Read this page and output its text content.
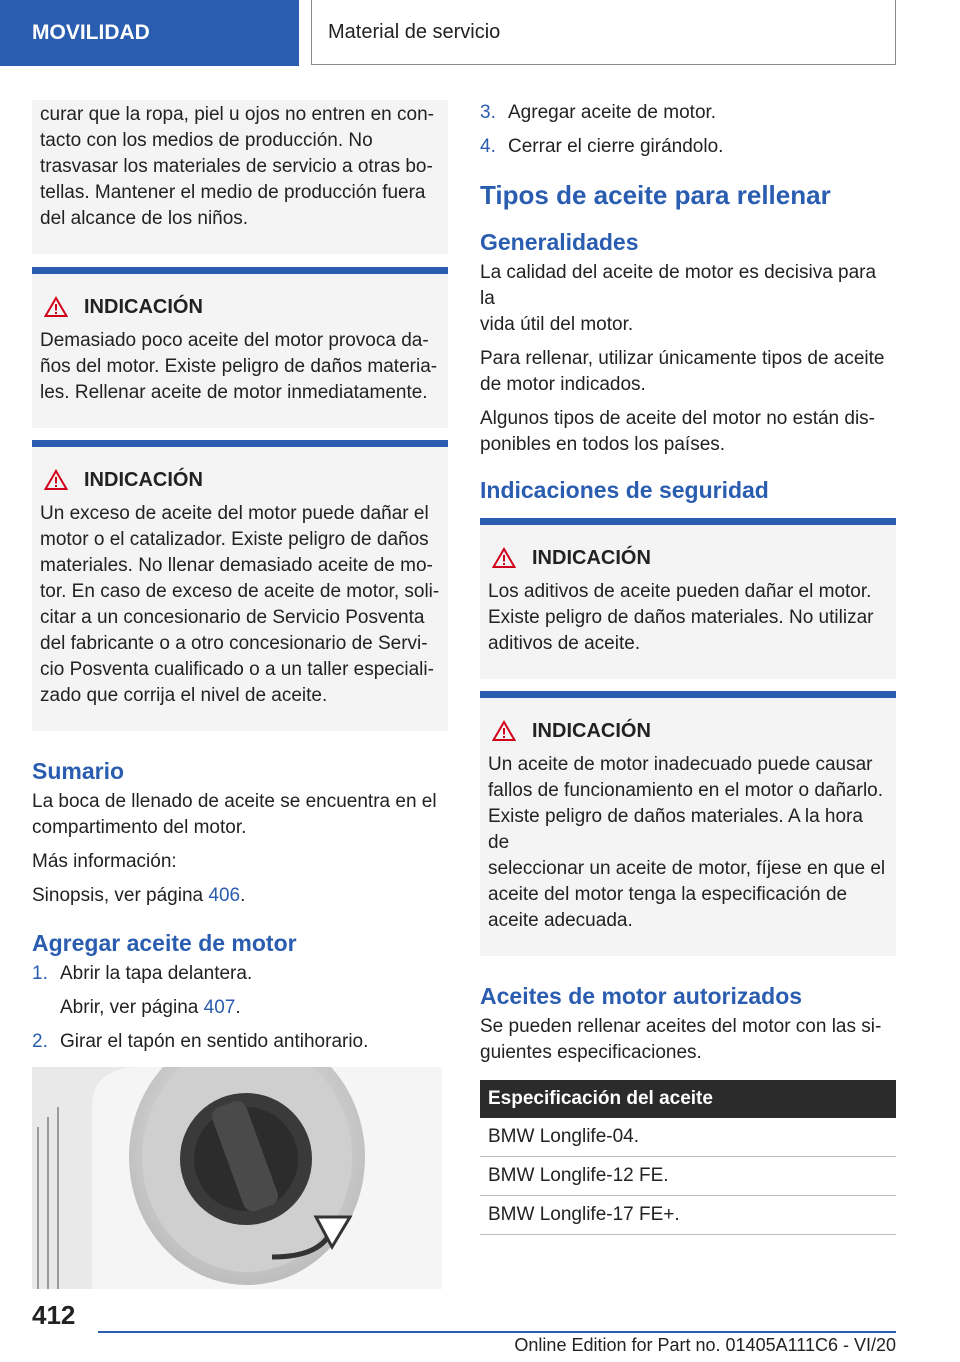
MOVILIDAD	Material de servicio

curar que la ropa, piel u ojos no entren en con-

tacto con los medios de producción. No

trasvasar los materiales de servicio a otras bo-

tellas. Mantener el medio de producción fuera

del alcance de los niños.

INDICACIÓN

Demasiado poco aceite del motor provoca da-

ños del motor. Existe peligro de daños materia-

les. Rellenar aceite de motor inmediatamente.

INDICACIÓN

Un exceso de aceite del motor puede dañar el

motor o el catalizador. Existe peligro de daños

materiales. No llenar demasiado aceite de mo-

tor. En caso de exceso de aceite de motor, soli-

citar a un concesionario de Servicio Posventa

del fabricante o a otro concesionario de Servi-

cio Posventa cualificado o a un taller especiali-

zado que corrija el nivel de aceite.

Sumario

La boca de llenado de aceite se encuentra en el
compartimento del motor.

Más información:

Sinopsis, ver página 406.

Agregar aceite de motor
1. Abrir la tapa delantera.
Abrir, ver página 407.
2. Girar el tapón en sentido antihorario.
3. Agregar aceite de motor.
4. Cerrar el cierre girándolo.
Tipos de aceite para rellenar
Generalidades

La calidad del aceite de motor es decisiva para la
vida útil del motor.

Para rellenar, utilizar únicamente tipos de aceite
de motor indicados.

Algunos tipos de aceite del motor no están dis-
ponibles en todos los países.

Indicaciones de seguridad
INDICACIÓN

Los aditivos de aceite pueden dañar el motor.

Existe peligro de daños materiales. No utilizar

aditivos de aceite.

INDICACIÓN

Un aceite de motor inadecuado puede causar

fallos de funcionamiento en el motor o dañarlo.

Existe peligro de daños materiales. A la hora de

seleccionar un aceite de motor, fíjese en que el

aceite del motor tenga la especificación de

aceite adecuada.

Aceites de motor autorizados

Se pueden rellenar aceites del motor con las si-
guientes especificaciones.

Especificación del aceite
BMW Longlife-04.
BMW Longlife-12 FE.
BMW Longlife-17 FE+.
412
Online Edition for Part no. 01405A111C6 - VI/20
